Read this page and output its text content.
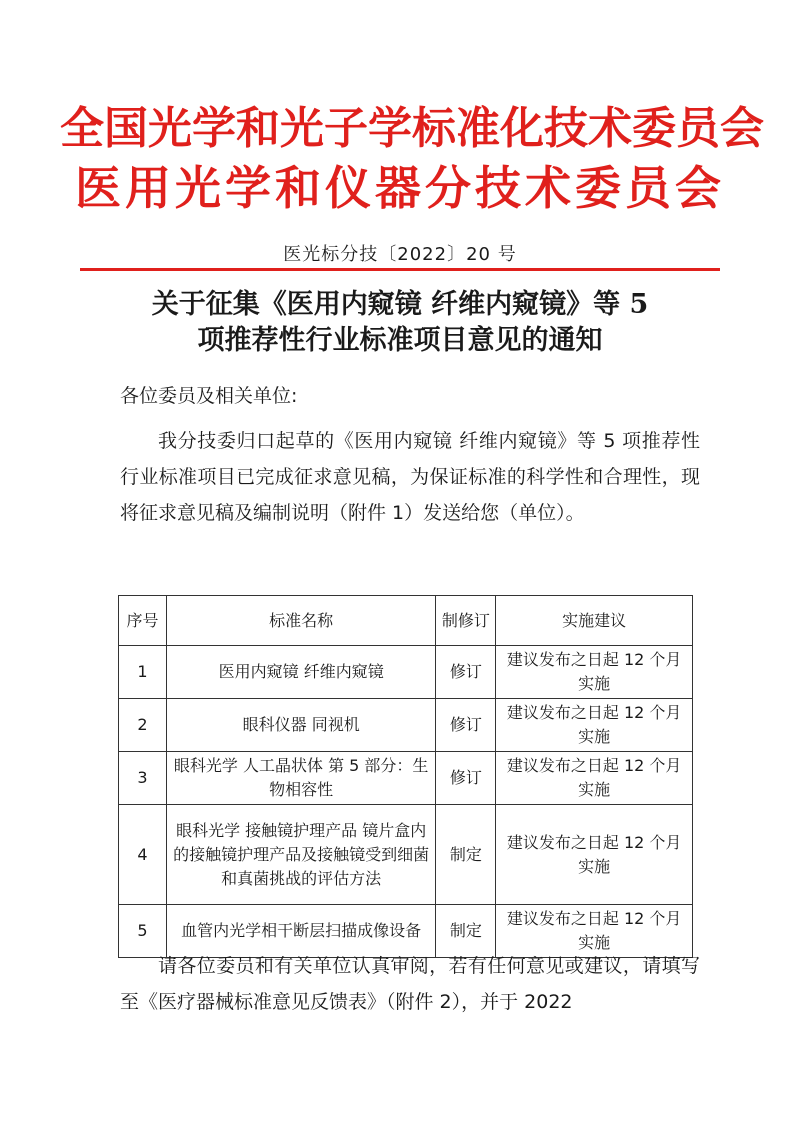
全国光学和光子学标准化技术委员会
医用光学和仪器分技术委员会
医光标分技〔2022〕20 号
关于征集《医用内窥镜 纤维内窥镜》等 5
项推荐性行业标准项目意见的通知
各位委员及相关单位:
我分技委归口起草的《医用内窥镜 纤维内窥镜》等 5 项推荐性行业标准项目已完成征求意见稿，为保证标准的科学性和合理性，现将征求意见稿及编制说明（附件 1）发送给您（单位）。
序号	标准名称	制修订	实施建议
1	医用内窥镜 纤维内窥镜	修订	建议发布之日起 12 个月实施
2	眼科仪器 同视机	修订	建议发布之日起 12 个月实施
3	眼科光学 人工晶状体 第 5 部分：生物相容性	修订	建议发布之日起 12 个月实施
4	眼科光学 接触镜护理产品 镜片盒内的接触镜护理产品及接触镜受到细菌和真菌挑战的评估方法	制定	建议发布之日起 12 个月实施
5	血管内光学相干断层扫描成像设备	制定	建议发布之日起 12 个月实施
请各位委员和有关单位认真审阅，若有任何意见或建议，请填写至《医疗器械标准意见反馈表》（附件 2），并于 2022
